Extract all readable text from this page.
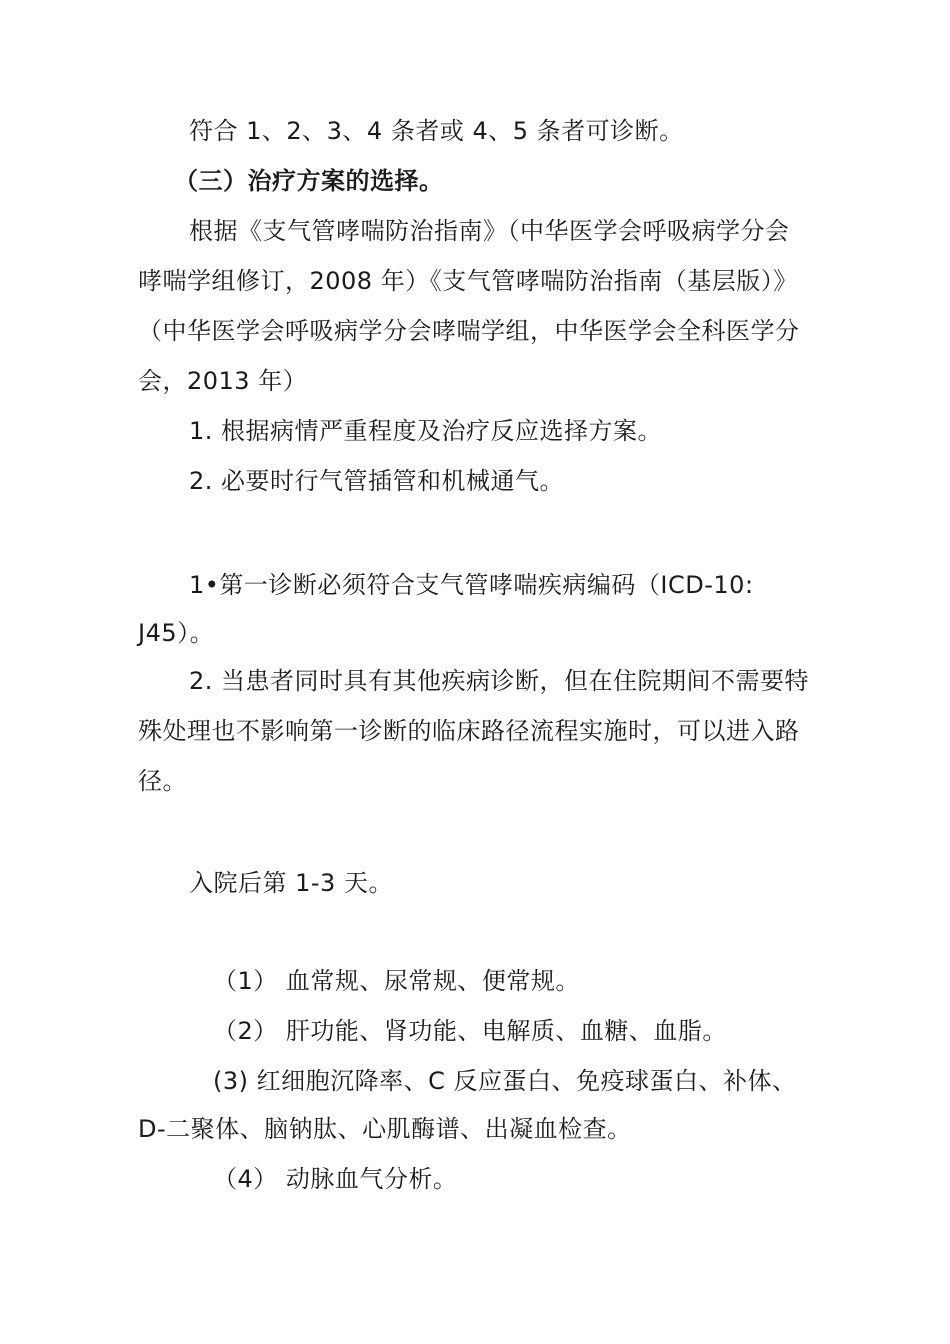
符合 1、2、3、4 条者或 4、5 条者可诊断。
（三）治疗方案的选择。
根据《支气管哮喘防治指南》（中华医学会呼吸病学分会
哮喘学组修订，2008 年）《支气管哮喘防治指南（基层版）》
（中华医学会呼吸病学分会哮喘学组，中华医学会全科医学分
会，2013 年）
1. 根据病情严重程度及治疗反应选择方案。
2. 必要时行气管插管和机械通气。
1•第一诊断必须符合支气管哮喘疾病编码（ICD-10:
J45）。
2. 当患者同时具有其他疾病诊断，但在住院期间不需要特
殊处理也不影响第一诊断的临床路径流程实施时，可以进入路
径。
入院后第 1-3 天。
（1） 血常规、尿常规、便常规。
（2） 肝功能、肾功能、电解质、血糖、血脂。
(3) 红细胞沉降率、C 反应蛋白、免疫球蛋白、补体、
D-二聚体、脑钠肽、心肌酶谱、出凝血检查。
（4） 动脉血气分析。
